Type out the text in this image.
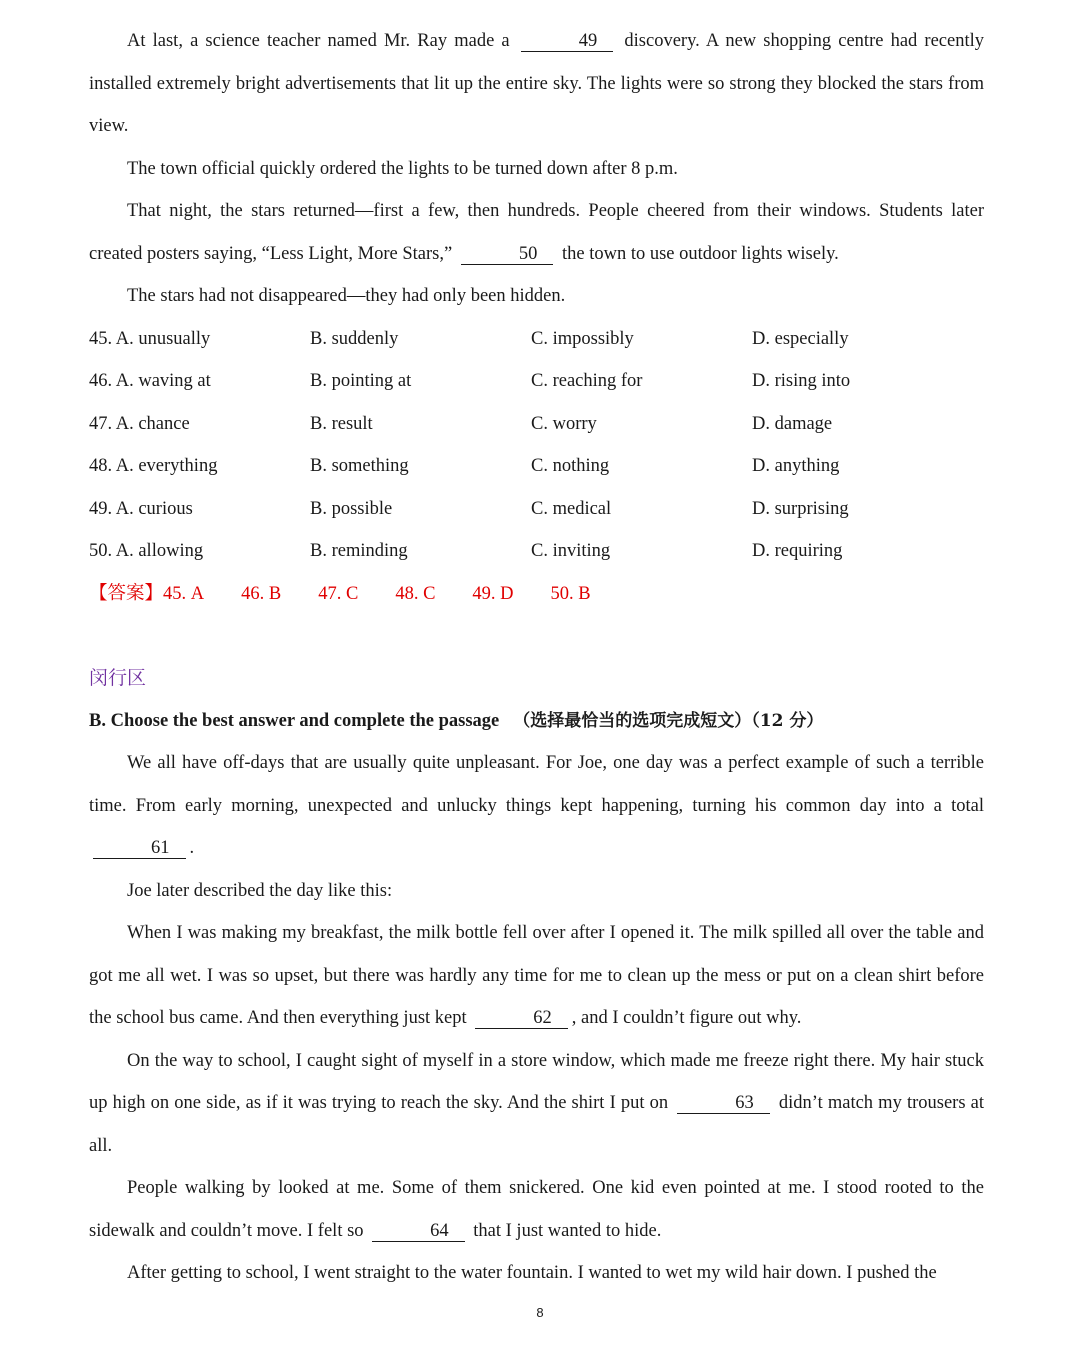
At last, a science teacher named Mr. Ray made a	49 discovery. A new shopping centre had recently installed extremely bright advertisements that lit up the entire sky. The lights were so strong they blocked the stars from view.

The town official quickly ordered the lights to be turned down after 8 p.m.

That night, the stars returned—first a few, then hundreds. People cheered from their windows. Students later created posters saying, “Less Light, More Stars,”	50 the town to use outdoor lights wisely.

The stars had not disappeared—they had only been hidden.

45. A. unusually	B. suddenly	C. impossibly	D. especially
46. A. waving at	B. pointing at	C. reaching for	D. rising into
47. A. chance	B. result	C. worry	D. damage
48. A. everything	B. something	C. nothing	D. anything
49. A. curious	B. possible	C. medical	D. surprising
50. A. allowing	B. reminding	C. inviting	D. requiring
【答案】45. A 46. B 47. C 48. C 49. D 50. B

闵行区

B. Choose the best answer and complete the passage （选择最恰当的选项完成短文）（12 分）

We all have off-days that are usually quite unpleasant. For Joe, one day was a perfect example of such a terrible time. From early morning, unexpected and unlucky things kept happening, turning his common day into a total 61 .

Joe later described the day like this:

When I was making my breakfast, the milk bottle fell over after I opened it. The milk spilled all over the table and got me all wet. I was so upset, but there was hardly any time for me to clean up the mess or put on a clean shirt before the school bus came. And then everything just kept	62 , and I couldn’t figure out why.

On the way to school, I caught sight of myself in a store window, which made me freeze right there. My hair stuck up high on one side, as if it was trying to reach the sky. And the shirt I put on	63 didn’t match my trousers at all.

People walking by looked at me. Some of them snickered. One kid even pointed at me. I stood rooted to the sidewalk and couldn’t move. I felt so	64 that I just wanted to hide.

After getting to school, I went straight to the water fountain. I wanted to wet my wild hair down. I pushed the

8
